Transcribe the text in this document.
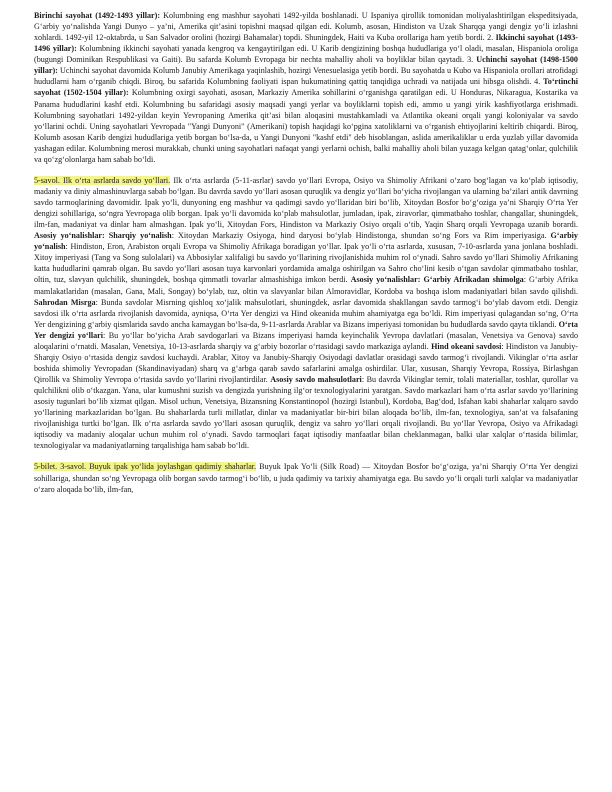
Birinchi sayohat (1492-1493 yillar): Kolumbning eng mashhur sayohati 1492-yilda boshlanadi. U Ispaniya qirollik tomonidan moliyalashtirilgan ekspeditsiyada, G‘arbiy yo‘nalishda Yangi Dunyo – ya’ni, Amerika qit’asini topishni maqsad qilgan edi. Kolumb, asosan, Hindiston va Uzak Sharqqa yangi dengiz yo‘li izlashni xohlardi. 1492-yil 12-oktabrda, u San Salvador orolini (hozirgi Bahamalar) topdi. Shuningdek, Haiti va Kuba orollariga ham yetib bordi. 2. Ikkinchi sayohat (1493-1496 yillar): Kolumbning ikkinchi sayohati yanada kengroq va kengaytirilgan edi. U Karib dengizining boshqa hududlariga yo‘l oladi, masalan, Hispaniola oroliga (bugungi Dominikan Respublikasi va Gaiti). Bu safarda Kolumb Evropaga bir nechta mahalliy aholi va boyliklar bilan qaytadi. 3. Uchinchi sayohat (1498-1500 yillar): Uchinchi sayohat davomida Kolumb Janubiy Amerikaga yaqinlashib, hozirgi Venesuelasiga yetib bordi. Bu sayohatda u Kubo va Hispaniola orollari atrofidagi hududlarni ham o‘rganib chiqdi. Biroq, bu safarida Kolumbning faoliyati ispan hukumatining qattiq tanqidiga uchradi va natijada uni hibsga olishdi. 4. To‘rtinchi sayohat (1502-1504 yillar): Kolumbning oxirgi sayohati, asosan, Markaziy Amerika sohillarini o‘rganishga qaratilgan edi. U Honduras, Nikaragua, Kostarika va Panama hududlarini kashf etdi. Kolumbning bu safaridagi asosiy maqsadi yangi yerlar va boyliklarni topish edi, ammo u yangi yirik kashfiyotlarga erishmadi. Kolumbning sayohatlari 1492-yildan keyin Yevropaning Amerika qit’asi bilan aloqasini mustahkamladi va Atlantika okeani orqali yangi koloniyalar va savdo yo‘llarini ochdi. Uning sayohatlari Yevropada "Yangi Dunyoni" (Amerikani) topish haqidagi ko‘pgina xatoliklarni va o‘rganish ehtiyojlarini keltirib chiqardi. Biroq, Kolumb asosan Karib dengizi hududlariga yetib borgan bo‘lsa-da, u Yangi Dunyoni "kashf etdi" deb hisoblangan, aslida amerikaliklar u erda yuzlab yillar davomida yashagan edilar. Kolumbning merosi murakkab, chunki uning sayohatlari nafaqat yangi yerlarni ochish, balki mahalliy aholi bilan yuzaga kelgan qatag‘onlar, qulchilik va qo‘zg‘olonlarga ham sabab bo‘ldi.

5-savol. Ilk o‘rta asrlarda savdo yo‘llari. Ilk o‘rta asrlarda (5-11-asrlar) savdo yo‘llari Evropa, Osiyo va Shimoliy Afrikani o‘zaro bog‘lagan va ko‘plab iqtisodiy, madaniy va diniy almashinuvlarga sabab bo‘lgan. Bu davrda savdo yo‘llari asosan quruqlik va dengiz yo‘llari bo‘yicha rivojlangan va ularning ba’zilari antik davrning savdo tarmoqlarining davomidir. Ipak yo‘li, dunyoning eng mashhur va qadimgi savdo yo‘llaridan biri bo‘lib, Xitoydan Bosfor bo‘g‘ozigа ya’ni Sharqiy O‘rta Yer dengizi sohillariga, so‘ngra Yevropaga olib borgan. Ipak yo‘li davomida ko‘plab mahsulotlar, jumladan, ipak, ziravorlar, qimmatbaho toshlar, changallar, shuningdek, ilm-fan, madaniyat va dinlar ham almashgan. Ipak yo‘li, Xitoydan Fors, Hindiston va Markaziy Osiyo orqali o‘tib, Yaqin Sharq orqali Yevropaga uzanib borardi. Asosiy yo‘nalishlar: Sharqiy yo‘nalish: Xitoydan Markaziy Osiyoga, hind daryosi bo‘ylab Hindistonga, shundan so‘ng Fors va Rim imperiyasiga. G‘arbiy yo‘nalish: Hindiston, Eron, Arabiston orqali Evropa va Shimoliy Afrikaga boradigan yo‘llar. Ipak yo‘li o‘rta asrlarda, xususan, 7-10-asrlarda yana jonlana boshladi. Xitoy imperiyasi (Tang va Song sulolalari) va Abbosiylar xalifaligi bu savdo yo‘llarining rivojlanishida muhim rol o‘ynadi. Sahro savdo yo‘llari Shimoliy Afrikaning katta hududlarini qamrab olgan. Bu savdo yo‘llari asosan tuya karvonlari yordamida amalga oshirilgan va Sahro cho‘lini kesib o‘tgan savdolar qimmatbaho toshlar, oltin, tuz, slavyan qulchilik, shuningdek, boshqa qimmatli tovarlar almashishiga imkon berdi. Asosiy yo‘nalishlar: G‘arbiy Afrikadan shimolga: G‘arbiy Afrika mamlakatlaridan (masalan, Gana, Mali, Songay) bo‘ylab, tuz, oltin va slavyanlar bilan Almoravidlar, Kordoba va boshqa islom madaniyatlari bilan savdo qilishdi. Sahrodan Misrga: Bunda savdolar Misrning qishloq xo‘jalik mahsulotlari, shuningdek, asrlar davomida shakllangan savdo tarmog‘i bo‘ylab davom etdi. Dengiz savdosi ilk o‘rta asrlarda rivojlanish davomida, ayniqsa, O‘rta Yer dengizi va Hind okeanida muhim ahamiyatga ega bo‘ldi. Rim imperiyasi qulagandan so‘ng, O‘rta Yer dengizining g‘arbiy qismlarida savdo ancha kamaygan bo‘lsa-da, 9-11-asrlarda Arablar va Bizans imperiyasi tomonidan bu hududlarda savdo qayta tiklandi. O‘rta Yer dengizi yo‘llari: Bu yo‘llar bo‘yicha Arab savdogarlari va Bizans imperiyasi hamda keyinchalik Yevropa davlatlari (masalan, Venetsiya va Genova) savdo aloqalarini o‘rnatdi. Masalan, Venetsiya, 10-13-asrlarda sharqiy va g‘arbiy bozorlar o‘rtasidagi savdo markaziga aylandi. Hind okeani savdosi: Hindiston va Janubiy-Sharqiy Osiyo o‘rtasida dengiz savdosi kuchaydi. Arablar, Xitoy va Janubiy-Sharqiy Osiyodagi davlatlar orasidagi savdo tarmog‘i rivojlandi. Vikinglar o‘rta asrlar boshida shimoliy Yevropadan (Skandinaviyadan) sharq va g‘arbga qarab savdo safarlarini amalga oshirdilar. Ular, xususan, Sharqiy Yevropa, Rossiya, Birlashgan Qirollik va Shimoliy Yevropa o‘rtasida savdo yo‘llarini rivojlantirdilar. Asosiy savdo mahsulotlari: Bu davrda Vikinglar temir, tolali materiallar, toshlar, qurollar va qulchilikni olib o‘tkazgan. Yana, ular kumushni suzish va dengizda yurishning ilg‘or texnologiyalarini yaratgan. Savdo markazlari ham o‘rta asrlar savdo yo‘llarining asosiy tugunlari bo‘lib xizmat qilgan. Misol uchun, Venetsiya, Bizansning Konstantinopol (hozirgi Istanbul), Kordoba, Bag‘dod, Isfahan kabi shaharlar xalqaro savdo yo‘llarining markazlaridan bo‘lgan. Bu shaharlarda turli millatlar, dinlar va madaniyatlar bir-biri bilan aloqada bo‘lib, ilm-fan, texnologiya, san’at va falsafaning rivojlanishiga turtki bo‘lgan. Ilk o‘rta asrlarda savdo yo‘llari asosan quruqlik, dengiz va sahro yo‘llari orqali rivojlandi. Bu yo‘llar Yevropa, Osiyo va Afrikadagi iqtisodiy va madaniy aloqalar uchun muhim rol o‘ynadi. Savdo tarmoqlari faqat iqtisodiy manfaatlar bilan cheklanmagan, balki ular xalqlar o‘rtasida bilimlar, texnologiyalar va madaniyatlarning tarqalishiga ham sabab bo‘ldi.

5-bilet. 3-savol. Buyuk ipak yo‘lida joylashgan qadimiy shaharlar. Buyuk Ipak Yo‘li (Silk Road) — Xitoydan Bosfor bo‘g‘oziga, ya’ni Sharqiy O‘rta Yer dengizi sohillariga, shundan so‘ng Yevropaga olib borgan savdo tarmog‘i bo‘lib, u juda qadimiy va tarixiy ahamiyatga ega. Bu savdo yo‘li orqali turli xalqlar va madaniyatlar o‘zaro aloqada bo‘lib, ilm-fan,
